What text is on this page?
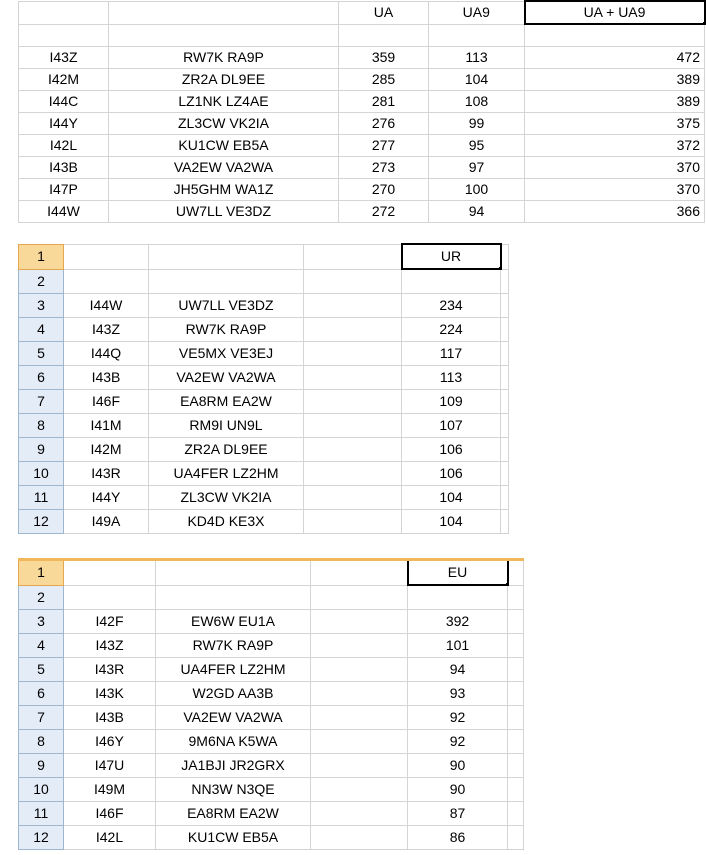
		UA	UA9	UA + UA9

I43Z	RW7K RA9P	359	113	472
I42M	ZR2A DL9EE	285	104	389
I44C	LZ1NK LZ4AE	281	108	389
I44Y	ZL3CW VK2IA	276	99	375
I42L	KU1CW EB5A	277	95	372
I43B	VA2EW VA2WA	273	97	370
I47P	JH5GHM WA1Z	270	100	370
I44W	UW7LL VE3DZ	272	94	366
1				UR	
2					
3	I44W	UW7LL VE3DZ		234	
4	I43Z	RW7K RA9P		224	
5	I44Q	VE5MX VE3EJ		117	
6	I43B	VA2EW VA2WA		113	
7	I46F	EA8RM EA2W		109	
8	I41M	RM9I UN9L		107	
9	I42M	ZR2A DL9EE		106	
10	I43R	UA4FER LZ2HM		106	
11	I44Y	ZL3CW VK2IA		104	
12	I49A	KD4D KE3X		104	
1				EU	
2					
3	I42F	EW6W EU1A		392	
4	I43Z	RW7K RA9P		101	
5	I43R	UA4FER LZ2HM		94	
6	I43K	W2GD AA3B		93	
7	I43B	VA2EW VA2WA		92	
8	I46Y	9M6NA K5WA		92	
9	I47U	JA1BJI JR2GRX		90	
10	I49M	NN3W N3QE		90	
11	I46F	EA8RM EA2W		87	
12	I42L	KU1CW EB5A		86	
